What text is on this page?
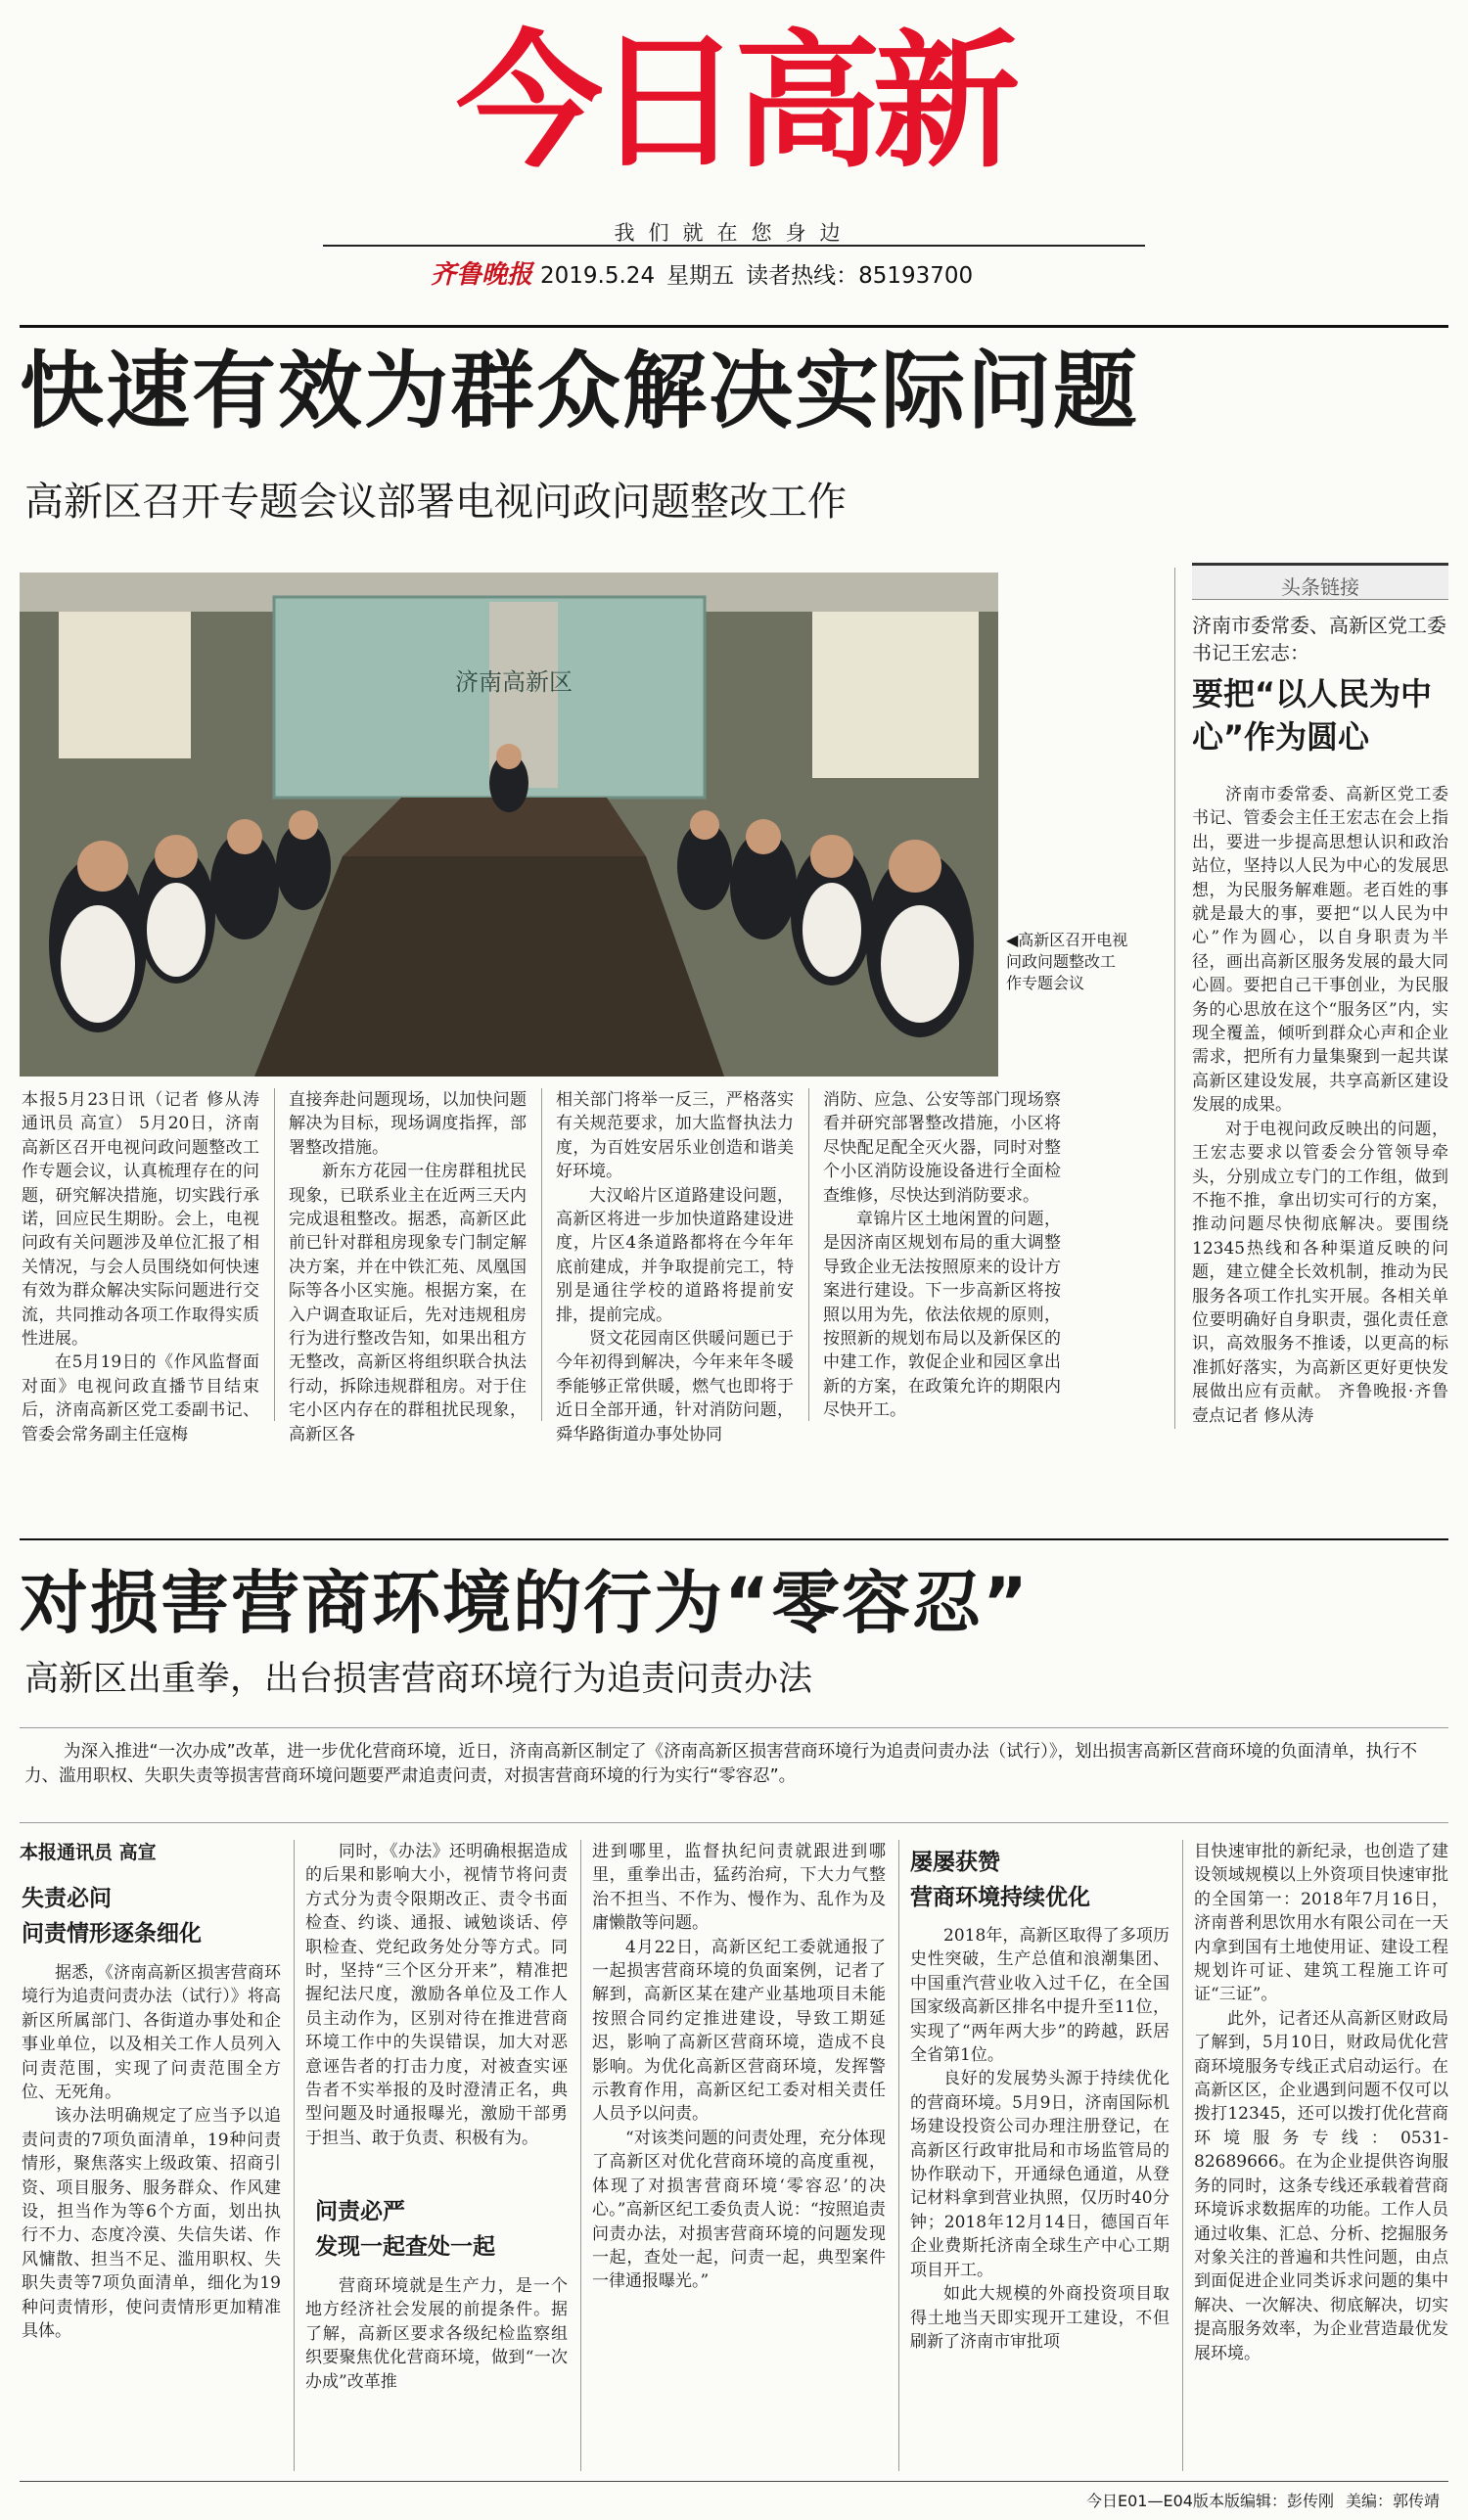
今日高新
我们就在您身边
齐鲁晚报 2019.5.24 星期五 读者热线：85193700
快速有效为群众解决实际问题
高新区召开专题会议部署电视问政问题整改工作
济南高新区
◀高新区召开电视问政问题整改工作专题会议

本报5月23日讯（记者 修从涛 通讯员 高宣） 5月20日，济南高新区召开电视问政问题整改工作专题会议，认真梳理存在的问题，研究解决措施，切实践行承诺，回应民生期盼。会上，电视问政有关问题涉及单位汇报了相关情况，与会人员围绕如何快速有效为群众解决实际问题进行交流，共同推动各项工作取得实质性进展。

在5月19日的《作风监督面对面》电视问政直播节目结束后，济南高新区党工委副书记、管委会常务副主任寇梅

直接奔赴问题现场，以加快问题解决为目标，现场调度指挥，部署整改措施。

新东方花园一住房群租扰民现象，已联系业主在近两三天内完成退租整改。据悉，高新区此前已针对群租房现象专门制定解决方案，并在中铁汇苑、凤凰国际等各小区实施。根据方案，在入户调查取证后，先对违规租房行为进行整改告知，如果出租方无整改，高新区将组织联合执法行动，拆除违规群租房。对于住宅小区内存在的群租扰民现象，高新区各

相关部门将举一反三，严格落实有关规范要求，加大监督执法力度，为百姓安居乐业创造和谐美好环境。

大汉峪片区道路建设问题，高新区将进一步加快道路建设进度，片区4条道路都将在今年年底前建成，并争取提前完工，特别是通往学校的道路将提前安排，提前完成。

贤文花园南区供暖问题已于今年初得到解决，今年来年冬暖季能够正常供暖，燃气也即将于近日全部开通，针对消防问题，舜华路街道办事处协同

消防、应急、公安等部门现场察看并研究部署整改措施，小区将尽快配足配全灭火器，同时对整个小区消防设施设备进行全面检查维修，尽快达到消防要求。

章锦片区土地闲置的问题，是因济南区规划布局的重大调整导致企业无法按照原来的设计方案进行建设。下一步高新区将按照以用为先，依法依规的原则，按照新的规划布局以及新保区的中建工作，敦促企业和园区拿出新的方案，在政策允许的期限内尽快开工。

头条链接
济南市委常委、高新区党工委书记王宏志：
要把“以人民为中心”作为圆心

济南市委常委、高新区党工委书记、管委会主任王宏志在会上指出，要进一步提高思想认识和政治站位，坚持以人民为中心的发展思想，为民服务解难题。老百姓的事就是最大的事，要把“以人民为中心”作为圆心，以自身职责为半径，画出高新区服务发展的最大同心圆。要把自己干事创业，为民服务的心思放在这个“服务区”内，实现全覆盖，倾听到群众心声和企业需求，把所有力量集聚到一起共谋高新区建设发展，共享高新区建设发展的成果。

对于电视问政反映出的问题，王宏志要求以管委会分管领导牵头，分别成立专门的工作组，做到不拖不推，拿出切实可行的方案，推动问题尽快彻底解决。要围绕12345热线和各种渠道反映的问题，建立健全长效机制，推动为民服务各项工作扎实开展。各相关单位要明确好自身职责，强化责任意识，高效服务不推诿，以更高的标准抓好落实，为高新区更好更快发展做出应有贡献。 齐鲁晚报·齐鲁壹点记者 修从涛

对损害营商环境的行为“零容忍”
高新区出重拳，出台损害营商环境行为追责问责办法
为深入推进“一次办成”改革，进一步优化营商环境，近日，济南高新区制定了《济南高新区损害营商环境行为追责问责办法（试行）》，划出损害高新区营商环境的负面清单，执行不力、滥用职权、失职失责等损害营商环境问题要严肃追责问责，对损害营商环境的行为实行“零容忍”。
本报通讯员 高宣
失责必问
问责情形逐条细化

据悉，《济南高新区损害营商环境行为追责问责办法（试行）》将高新区所属部门、各街道办事处和企事业单位，以及相关工作人员列入问责范围，实现了问责范围全方位、无死角。

该办法明确规定了应当予以追责问责的7项负面清单，19种问责情形，聚焦落实上级政策、招商引资、项目服务、服务群众、作风建设，担当作为等6个方面，划出执行不力、态度冷漠、失信失诺、作风慵散、担当不足、滥用职权、失职失责等7项负面清单，细化为19种问责情形，使问责情形更加精准具体。

同时，《办法》还明确根据造成的后果和影响大小，视情节将问责方式分为责令限期改正、责令书面检查、约谈、通报、诫勉谈话、停职检查、党纪政务处分等方式。同时，坚持“三个区分开来”，精准把握纪法尺度，激励各单位及工作人员主动作为，区别对待在推进营商环境工作中的失误错误，加大对恶意诬告者的打击力度，对被查实诬告者不实举报的及时澄清正名，典型问题及时通报曝光，激励干部勇于担当、敢于负责、积极有为。

问责必严
发现一起查处一起

营商环境就是生产力，是一个地方经济社会发展的前提条件。据了解，高新区要求各级纪检监察组织要聚焦优化营商环境，做到“一次办成”改革推

进到哪里，监督执纪问责就跟进到哪里，重拳出击，猛药治疴，下大力气整治不担当、不作为、慢作为、乱作为及庸懒散等问题。

4月22日，高新区纪工委就通报了一起损害营商环境的负面案例，记者了解到，高新区某在建产业基地项目未能按照合同约定推进建设，导致工期延迟，影响了高新区营商环境，造成不良影响。为优化高新区营商环境，发挥警示教育作用，高新区纪工委对相关责任人员予以问责。

“对该类问题的问责处理，充分体现了高新区对优化营商环境的高度重视，体现了对损害营商环境‘零容忍’的决心。”高新区纪工委负责人说：“按照追责问责办法，对损害营商环境的问题发现一起，查处一起，问责一起，典型案件一律通报曝光。”

屡屡获赞
营商环境持续优化

2018年，高新区取得了多项历史性突破，生产总值和浪潮集团、中国重汽营业收入过千亿，在全国国家级高新区排名中提升至11位，实现了“两年两大步”的跨越，跃居全省第1位。

良好的发展势头源于持续优化的营商环境。5月9日，济南国际机场建设投资公司办理注册登记，在高新区行政审批局和市场监管局的协作联动下，开通绿色通道，从登记材料拿到营业执照，仅历时40分钟；2018年12月14日，德国百年企业费斯托济南全球生产中心工期项目开工。

如此大规模的外商投资项目取得土地当天即实现开工建设，不但刷新了济南市审批项

目快速审批的新纪录，也创造了建设领域规模以上外资项目快速审批的全国第一：2018年7月16日，济南普利思饮用水有限公司在一天内拿到国有土地使用证、建设工程规划许可证、建筑工程施工许可证“三证”。

此外，记者还从高新区财政局了解到，5月10日，财政局优化营商环境服务专线正式启动运行。在高新区区，企业遇到问题不仅可以拨打12345，还可以拨打优化营商环境服务专线：0531-82689666。在为企业提供咨询服务的同时，这条专线还承载着营商环境诉求数据库的功能。工作人员通过收集、汇总、分析、挖掘服务对象关注的普遍和共性问题，由点到面促进企业同类诉求问题的集中解决、一次解决、彻底解决，切实提高服务效率，为企业营造最优发展环境。

今日E01—E04版 本版编辑：彭传刚 美编：郭传靖
